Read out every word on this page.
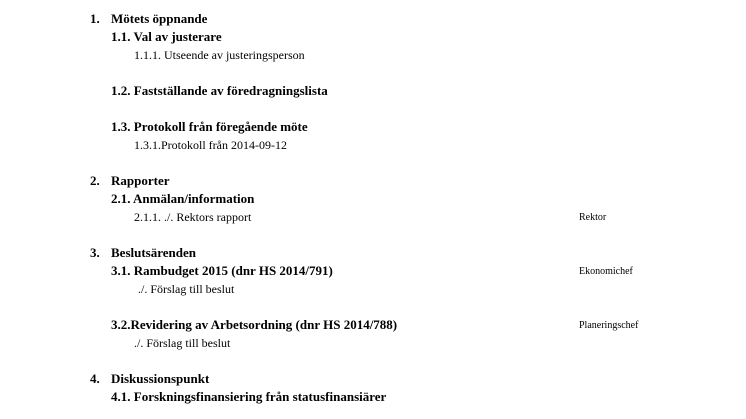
1. Mötets öppnande
1.1. Val av justerare
1.1.1. Utseende av justeringsperson
1.2. Fastställande av föredragningslista
1.3. Protokoll från föregående möte
1.3.1.Protokoll från 2014-09-12
2. Rapporter
2.1. Anmälan/information
2.1.1. ./. Rektors rapport	Rektor
3. Beslutsärenden
3.1. Rambudget 2015 (dnr HS 2014/791)	Ekonomichef
./. Förslag till beslut
3.2.Revidering av Arbetsordning (dnr HS 2014/788)	Planeringschef
./. Förslag till beslut
4. Diskussionspunkt
4.1. Forskningsfinansiering från statusfinansiärer
